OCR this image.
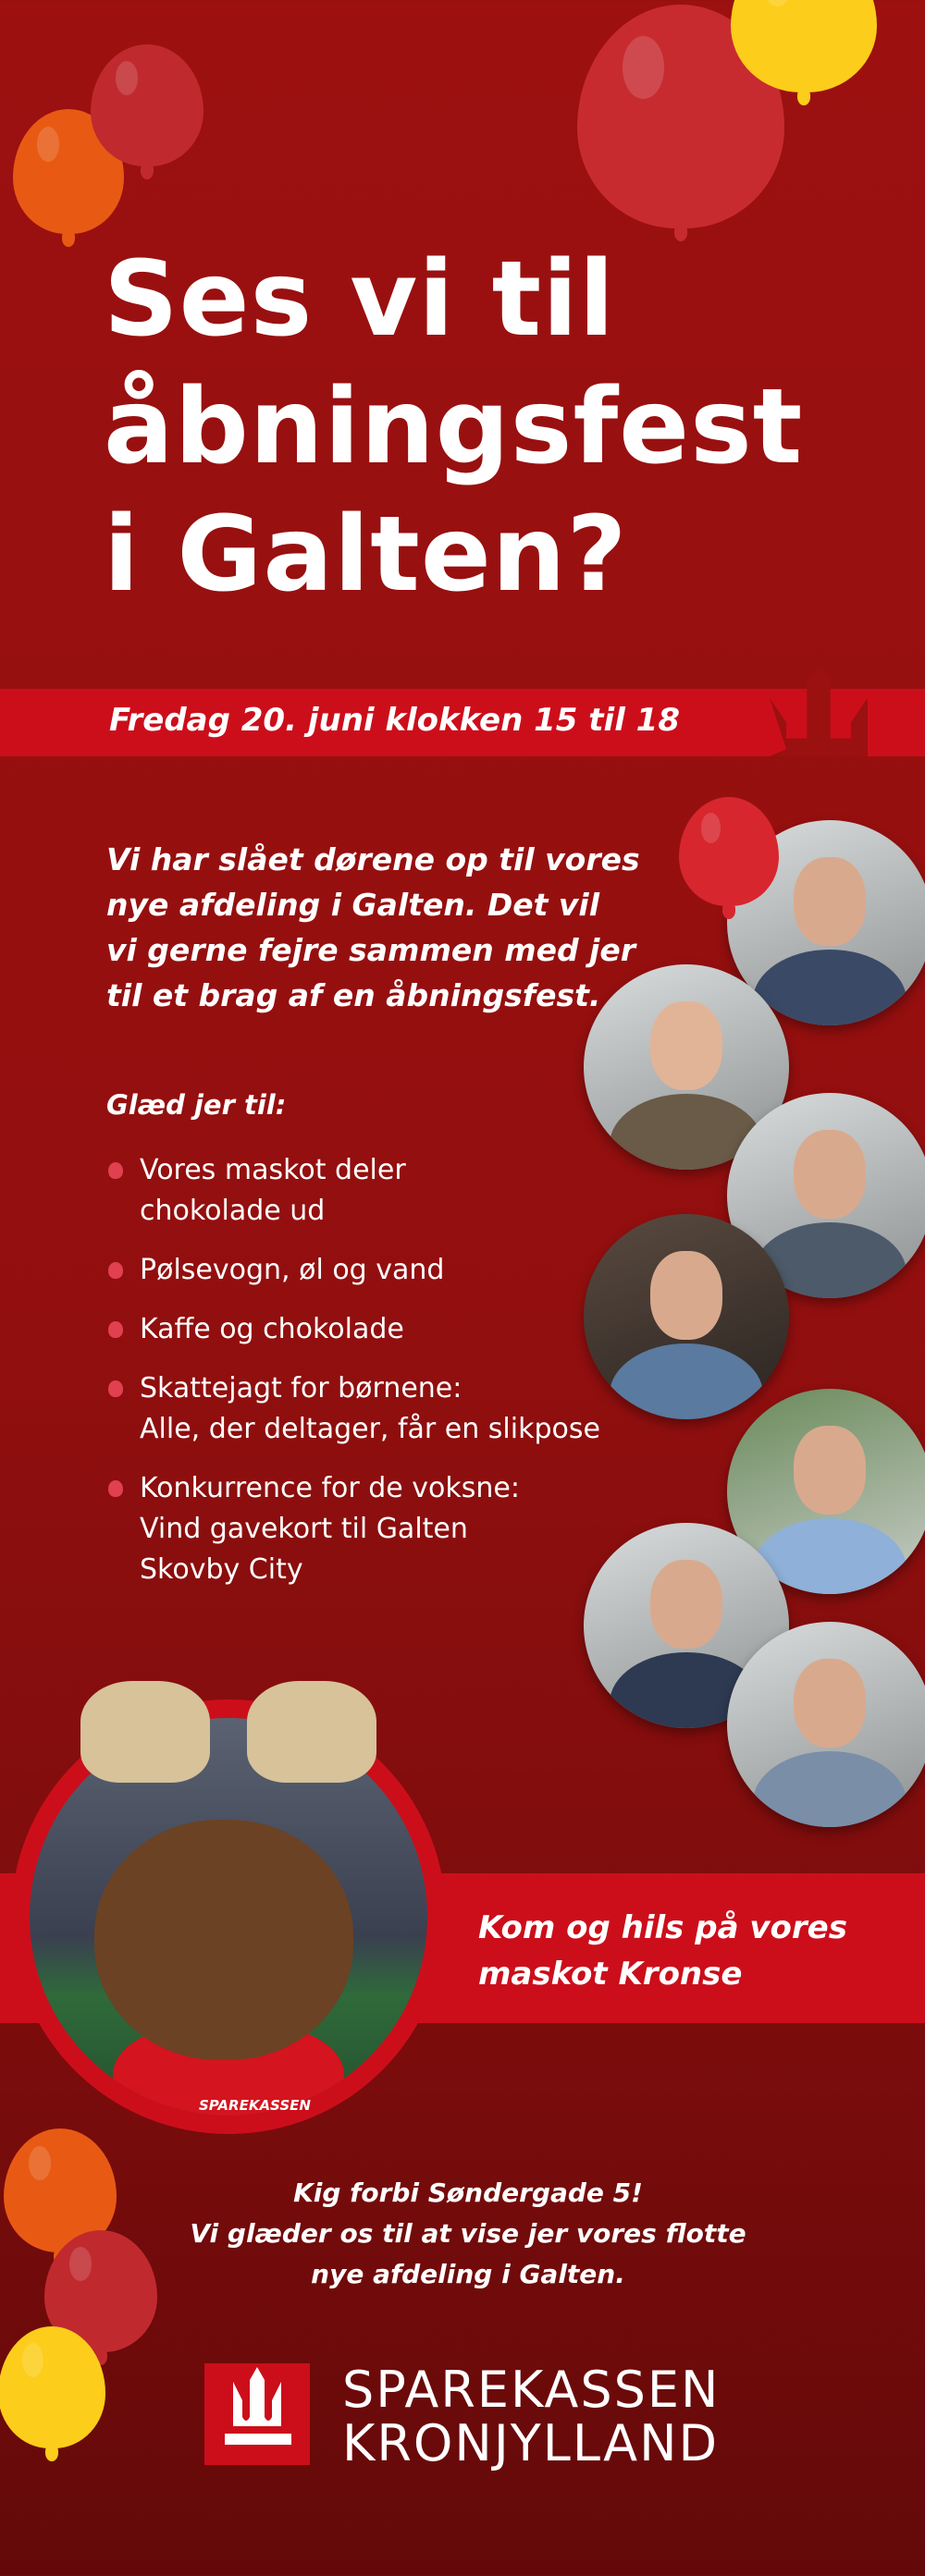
Ses vi til
åbningsfest
i Galten?
Fredag 20. juni klokken 15 til 18
Vi har slået dørene op til vores
nye afdeling i Galten. Det vil
vi gerne fejre sammen med jer
til et brag af en åbningsfest.
Glæd jer til:
Vores maskot deler
chokolade ud
Pølsevogn, øl og vand
Kaffe og chokolade
Skattejagt for børnene:
Alle, der deltager, får en slikpose
Konkurrence for de voksne:
Vind gavekort til Galten
Skovby City
Kom og hils på vores
maskot Kronse
SPAREKASSEN
Kig forbi Søndergade 5!
Vi glæder os til at vise jer vores flotte
nye afdeling i Galten.
SPAREKASSEN
KRONJYLLAND
